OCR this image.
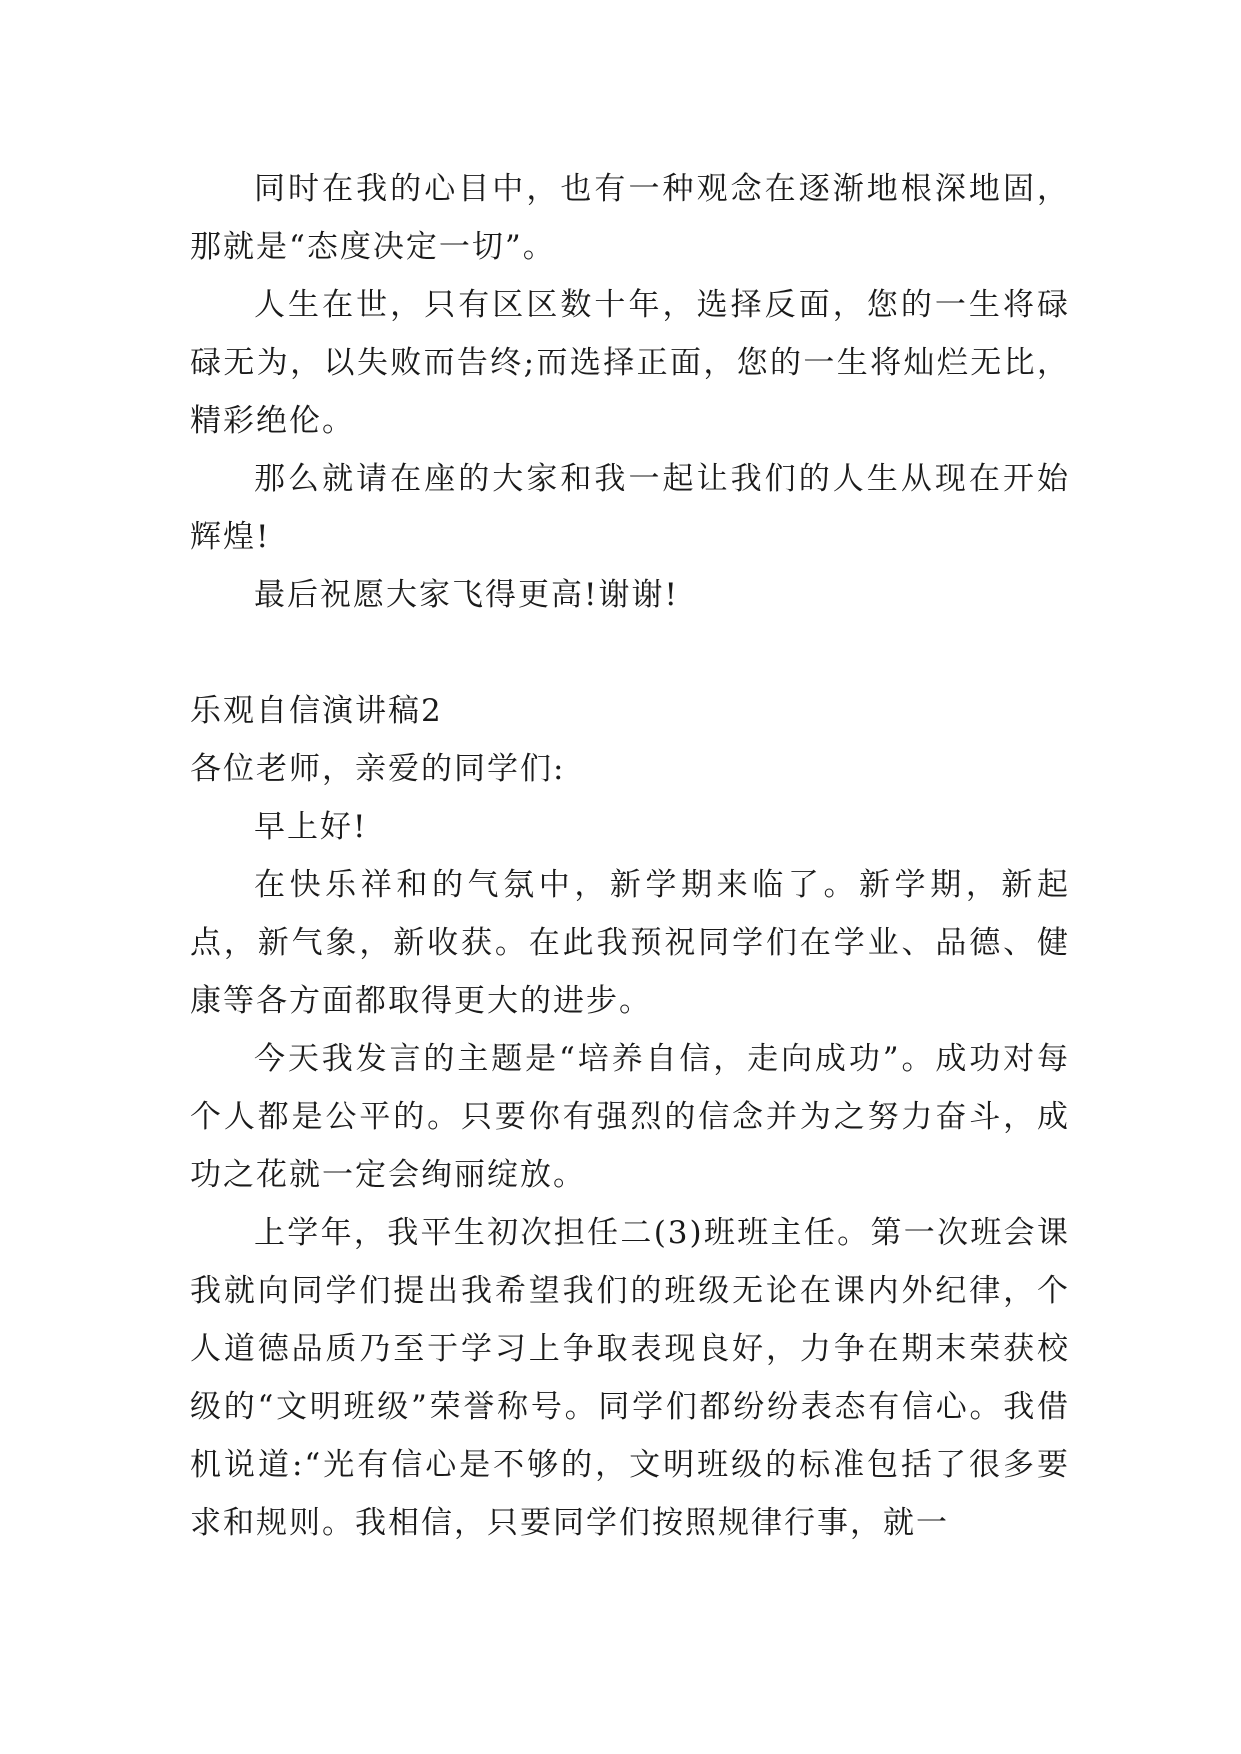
同时在我的心目中，也有一种观念在逐渐地根深地固，那就是“态度决定一切”。

人生在世，只有区区数十年，选择反面，您的一生将碌碌无为，以失败而告终;而选择正面，您的一生将灿烂无比，精彩绝伦。

那么就请在座的大家和我一起让我们的人生从现在开始辉煌!

最后祝愿大家飞得更高!谢谢!

乐观自信演讲稿2

各位老师，亲爱的同学们:

早上好!

在快乐祥和的气氛中，新学期来临了。新学期，新起点，新气象，新收获。在此我预祝同学们在学业、品德、健康等各方面都取得更大的进步。

今天我发言的主题是“培养自信，走向成功”。成功对每个人都是公平的。只要你有强烈的信念并为之努力奋斗，成功之花就一定会绚丽绽放。

上学年，我平生初次担任二(3)班班主任。第一次班会课我就向同学们提出我希望我们的班级无论在课内外纪律，个人道德品质乃至于学习上争取表现良好，力争在期末荣获校级的“文明班级”荣誉称号。同学们都纷纷表态有信心。我借机说道:“光有信心是不够的，文明班级的标准包括了很多要求和规则。我相信，只要同学们按照规律行事，就一
